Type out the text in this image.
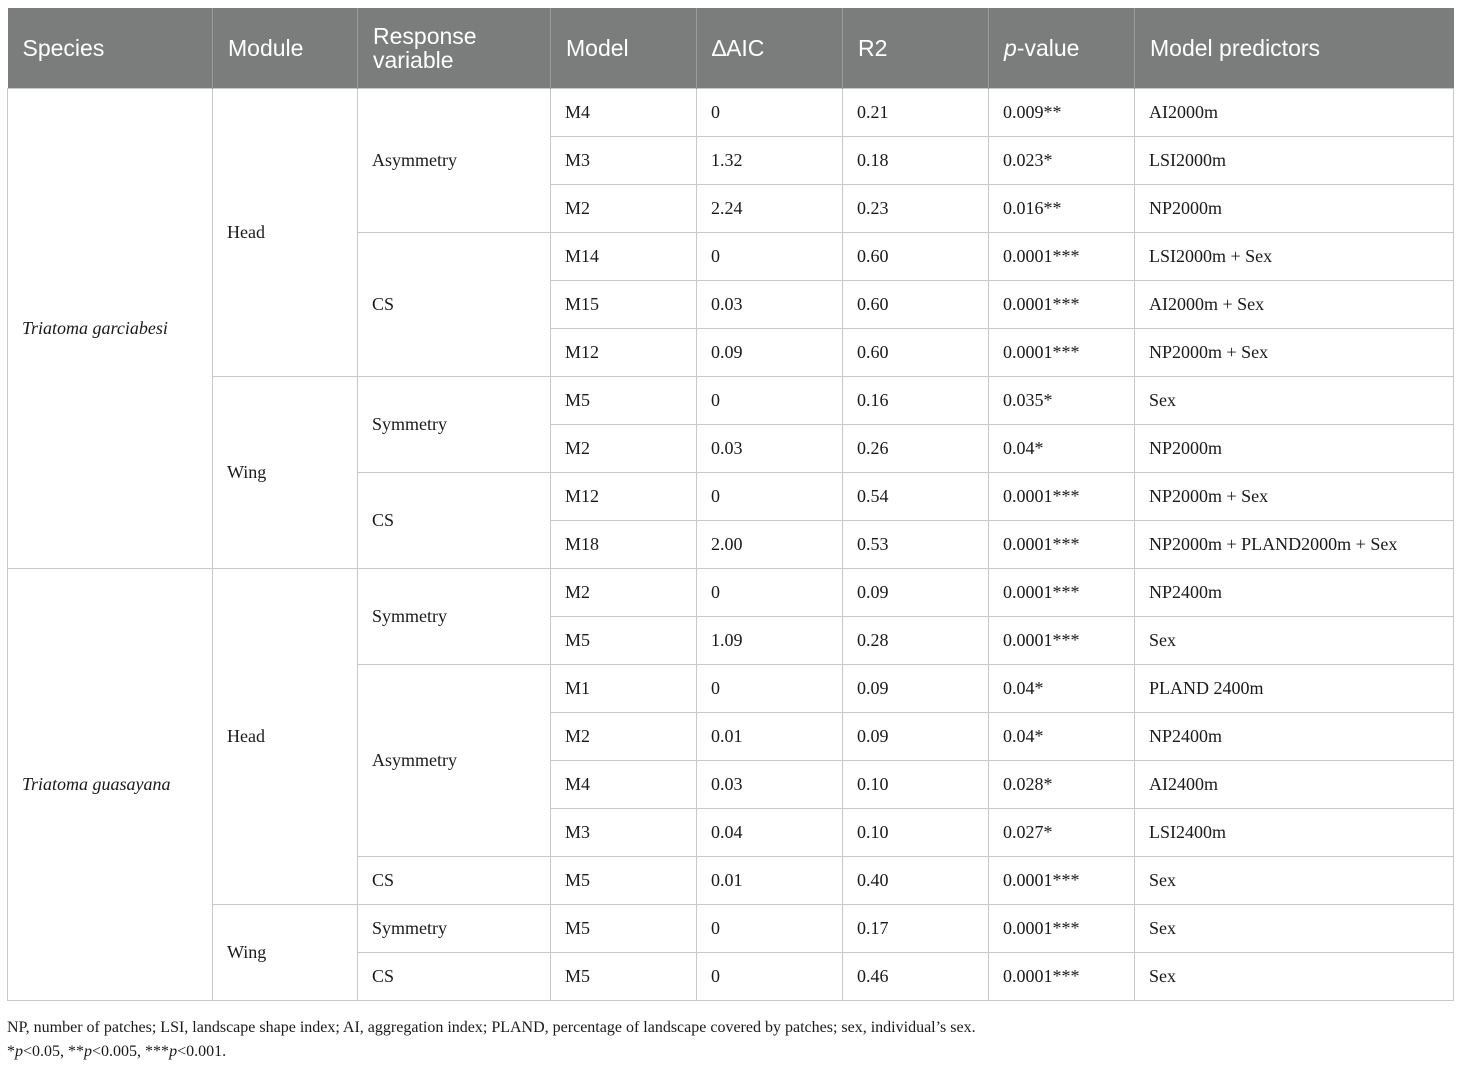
Species	Module	Response variable	Model	∆AIC	R2	p-value	Model predictors
Triatoma garciabesi	Head	Asymmetry	M4	0	0.21	0.009**	AI2000m
			M3	1.32	0.18	0.023*	LSI2000m
			M2	2.24	0.23	0.016**	NP2000m
		CS	M14	0	0.60	0.0001***	LSI2000m + Sex
			M15	0.03	0.60	0.0001***	AI2000m + Sex
			M12	0.09	0.60	0.0001***	NP2000m + Sex
	Wing	Symmetry	M5	0	0.16	0.035*	Sex
			M2	0.03	0.26	0.04*	NP2000m
		CS	M12	0	0.54	0.0001***	NP2000m + Sex
			M18	2.00	0.53	0.0001***	NP2000m + PLAND2000m + Sex
Triatoma guasayana	Head	Symmetry	M2	0	0.09	0.0001***	NP2400m
			M5	1.09	0.28	0.0001***	Sex
		Asymmetry	M1	0	0.09	0.04*	PLAND 2400m
			M2	0.01	0.09	0.04*	NP2400m
			M4	0.03	0.10	0.028*	AI2400m
			M3	0.04	0.10	0.027*	LSI2400m
		CS	M5	0.01	0.40	0.0001***	Sex
	Wing	Symmetry	M5	0	0.17	0.0001***	Sex
		CS	M5	0	0.46	0.0001***	Sex
NP, number of patches; LSI, landscape shape index; AI, aggregation index; PLAND, percentage of landscape covered by patches; sex, individual’s sex.
*p<0.05, **p<0.005, ***p<0.001.
